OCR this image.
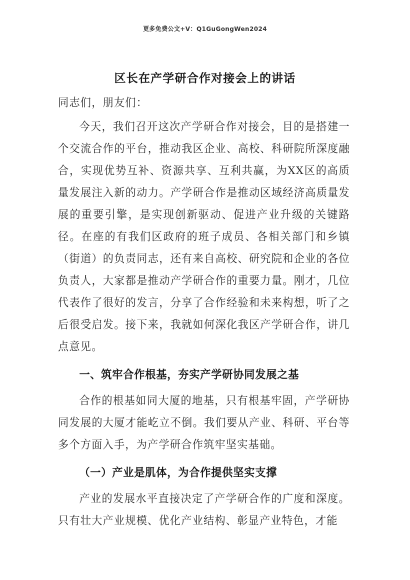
更多免费公文+V：Q1GuGongWen2024
区长在产学研合作对接会上的讲话

同志们，朋友们：

今天，我们召开这次产学研合作对接会，目的是搭建一个交流合作的平台，推动我区企业、高校、科研院所深度融合，实现优势互补、资源共享、互利共赢，为XX区的高质量发展注入新的动力。产学研合作是推动区域经济高质量发展的重要引擎，是实现创新驱动、促进产业升级的关键路径。在座的有我们区政府的班子成员、各相关部门和乡镇（街道）的负责同志，还有来自高校、研究院和企业的各位负责人，大家都是推动产学研合作的重要力量。刚才，几位代表作了很好的发言，分享了合作经验和未来构想，听了之后很受启发。接下来，我就如何深化我区产学研合作，讲几点意见。

一、筑牢合作根基，夯实产学研协同发展之基

合作的根基如同大厦的地基，只有根基牢固，产学研协同发展的大厦才能屹立不倒。我们要从产业、科研、平台等多个方面入手，为产学研合作筑牢坚实基础。

（一）产业是肌体，为合作提供坚实支撑

产业的发展水平直接决定了产学研合作的广度和深度。只有壮大产业规模、优化产业结构、彰显产业特色，才能
